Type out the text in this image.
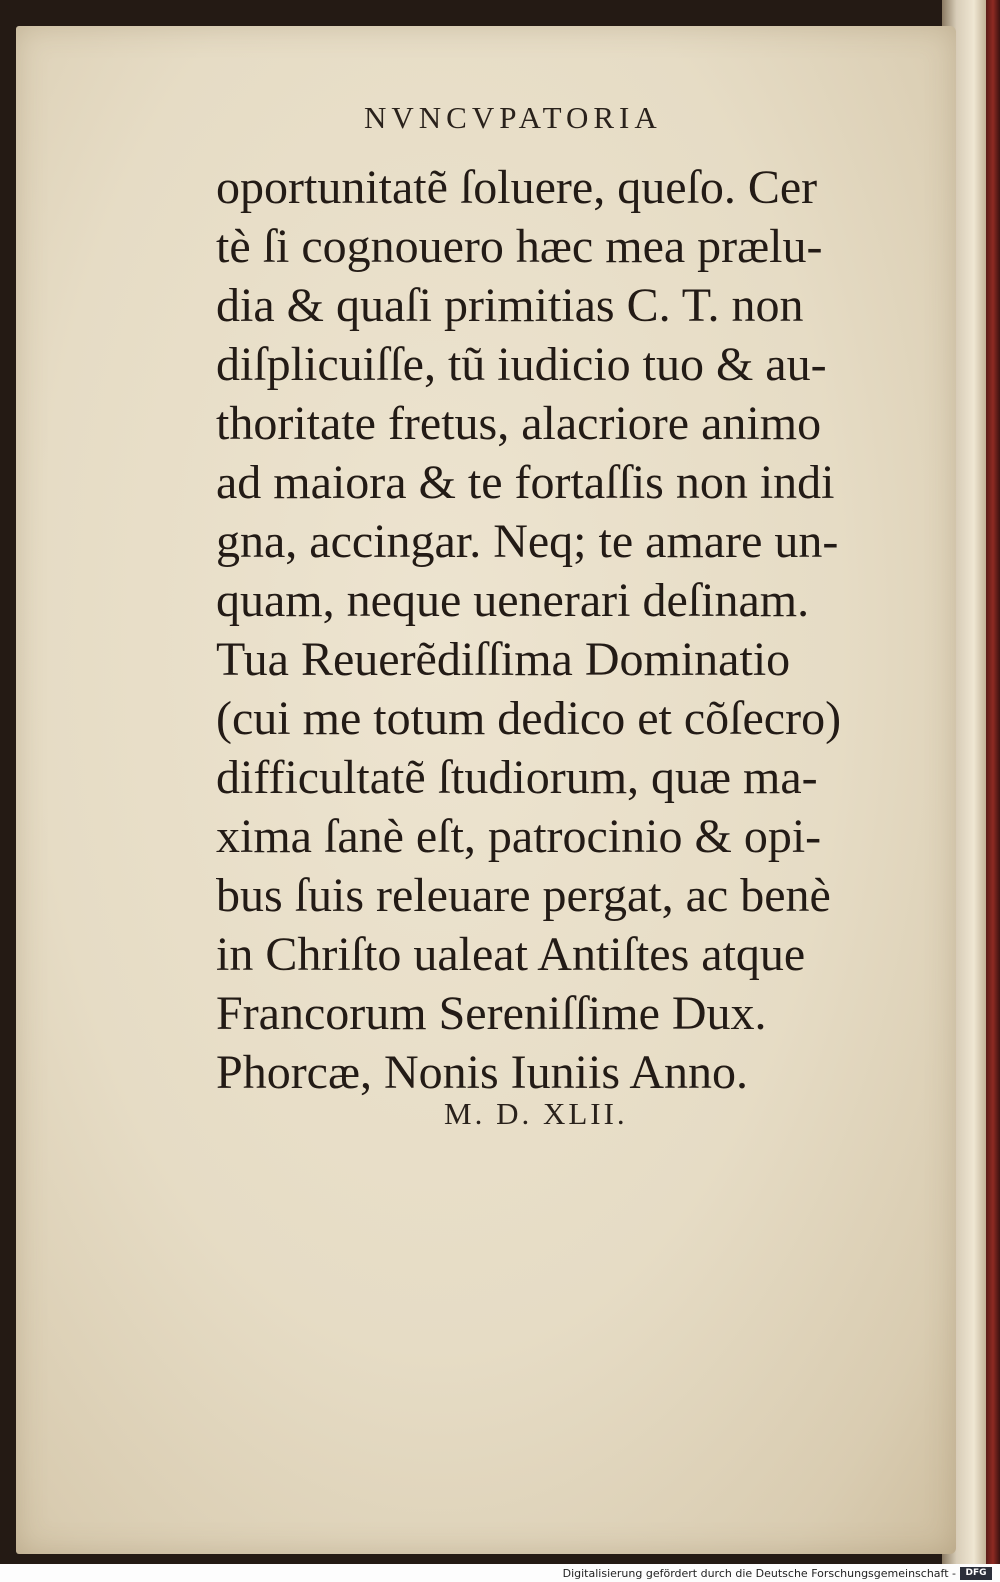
NVNCVPATORIA
oportunitatẽ ſoluere, queſo. Cer
tè ſi cognouero hæc mea prælu-
dia & quaſi primitias C. T. non
diſplicuiſſe, tũ iudicio tuo & au-
thoritate fretus, alacriore animo
ad maiora & te fortaſſis non indi
gna, accingar. Neq; te amare un-
quam, neque uenerari deſinam.
Tua Reuerẽdiſſima Dominatio
(cui me totum dedico et cõſecro)
difficultatẽ ſtudiorum, quæ ma-
xima ſanè eſt, patrocinio & opi-
bus ſuis releuare pergat, ac benè
in Chriſto ualeat Antiſtes atque
Francorum Sereniſſime Dux.
Phorcæ, Nonis Iuniis Anno.
M. D. XLII.
Digitalisierung gefördert durch die Deutsche Forschungsgemeinschaft -	DFG
